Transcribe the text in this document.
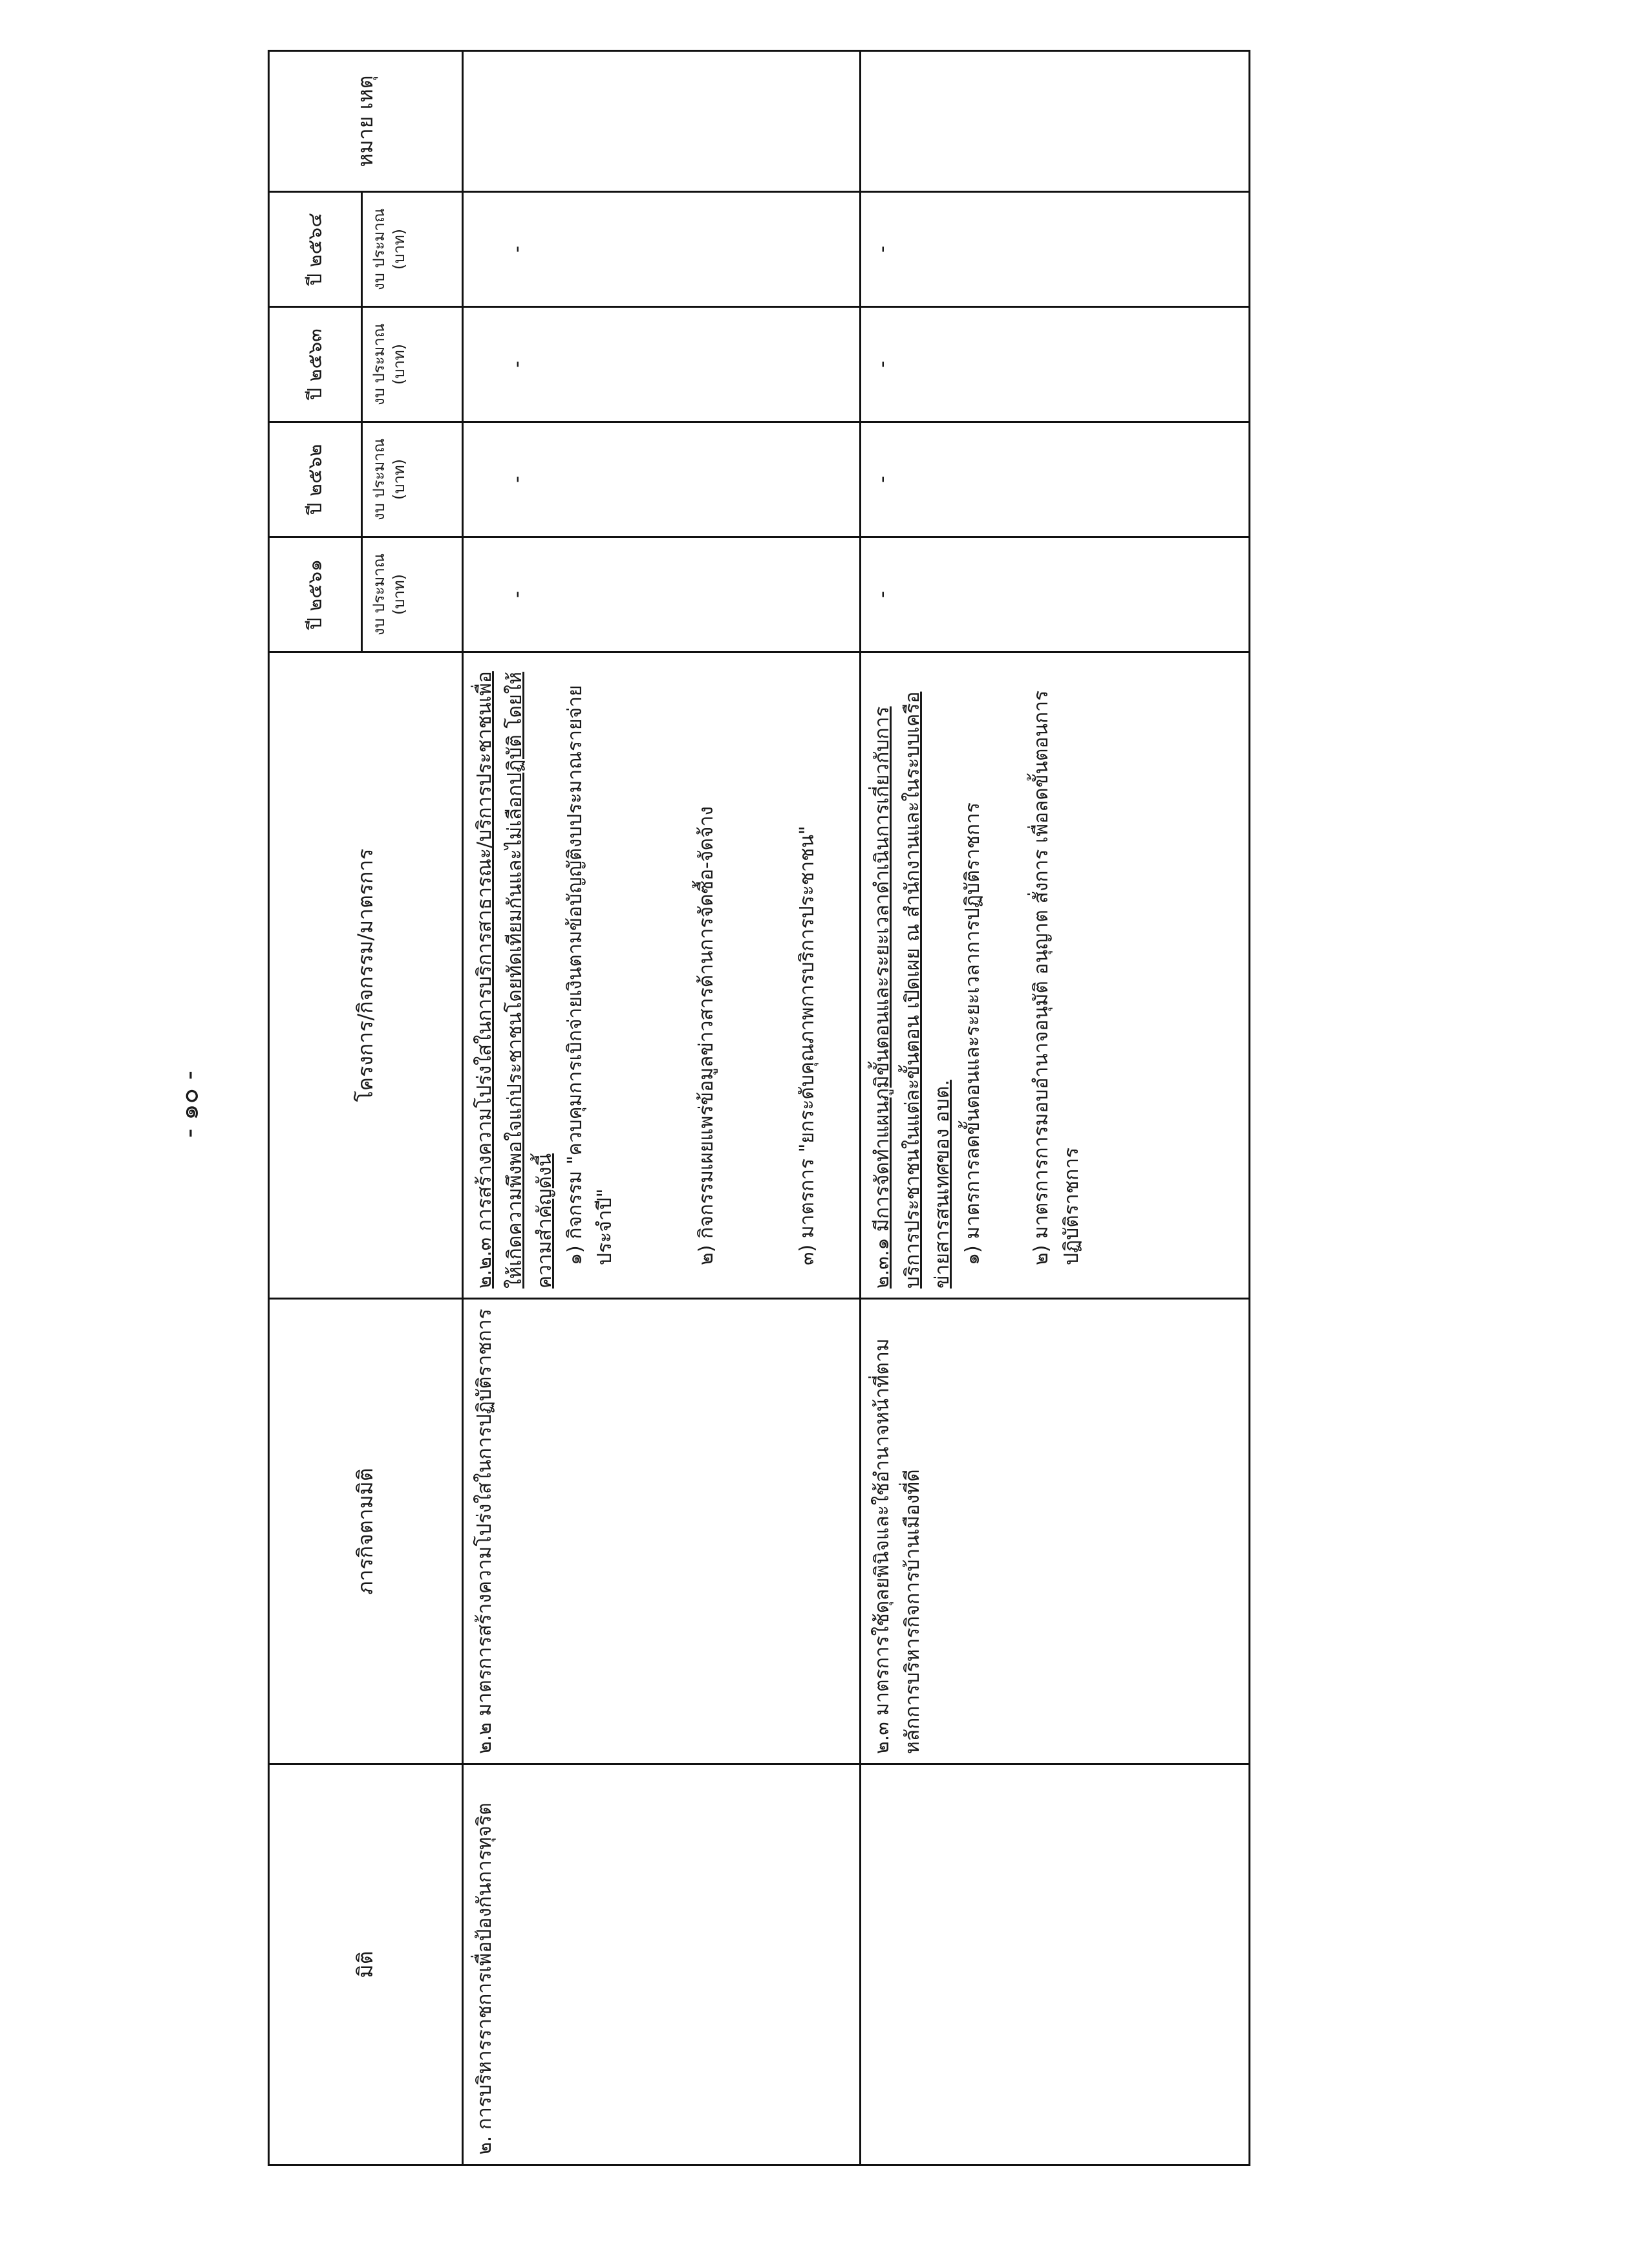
- ๑๐ -
มิติ	ภารกิจตามมิติ	โครงการ/กิจกรรม/มาตรการ	ปี ๒๕๖๑	ปี ๒๕๖๒	ปี ๒๕๖๓	ปี ๒๕๖๔	หมาย เหตุ
			งบ ประมาณ (บาท)	งบ ประมาณ (บาท)	งบ ประมาณ (บาท)	งบ ประมาณ (บาท)	
๒. การบริหารราชการเพื่อป้องกันการทุจริต	๒.๒ มาตรการสร้างความโปร่งใสในการปฏิบัติราชการ	๒.๒.๓ การสร้างความโปร่งใสในการบริการสาธารณะ/บริการประชาชนเพื่อให้เกิดความพึงพอใจแก่ประชาชนโดยทัดเทียมกันและไม่เลือกปฏิบัติ โดยให้ความสำคัญดังนี้ ๑) กิจกรรม "ควบคุมการเบิกจ่ายเงินตามข้อบัญญัติงบประมาณรายจ่ายประจำปี" ๒) กิจกรรมเผยแพร่ข้อมูลข่าวสารด้านการจัดซื้อ-จัดจ้าง ๓) มาตรการ "ยกระดับคุณภาพการบริการประชาชน"	-	-	-	-	
	๒.๓ มาตรการใช้ดุลยพินิจและใช้อำนาจหน้าที่ตามหลักการบริหารกิจการบ้านเมืองที่ดี	๒.๓.๑ มีการจัดทำแผนภูมิขั้นตอนและระยะเวลาดำเนินการเกี่ยวกับการบริการประชาชนในแต่ละขั้นตอน เปิดเผย ณ สำนักงานและในระบบเครือข่ายสารสนเทศของ อบต. ๑) มาตรการลดขั้นตอนและระยะเวลาการปฏิบัติราชการ ๒) มาตรการการมอบอำนาจอนุมัติ อนุญาต สั่งการ เพื่อลดขั้นตอนการปฏิบัติราชการ	-	-	-	-	
